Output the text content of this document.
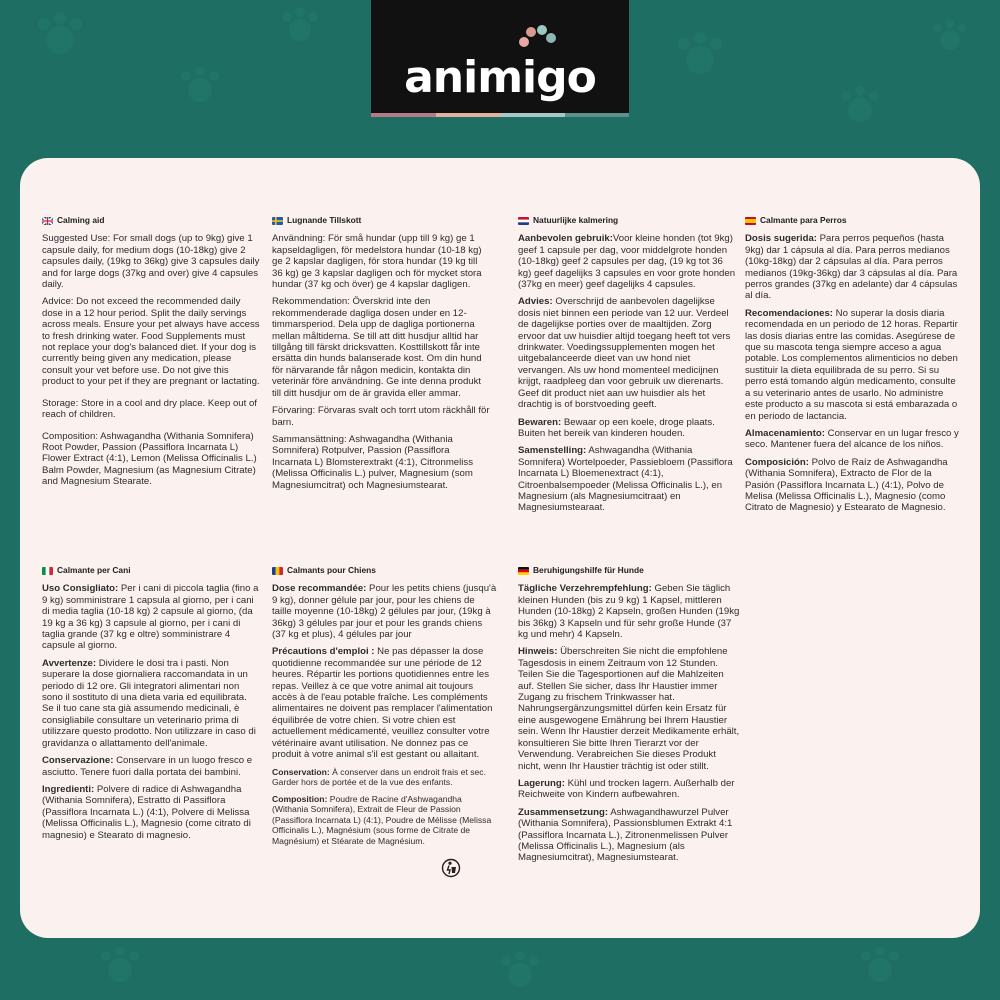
animigo
Calming aid

Suggested Use: For small dogs (up to 9kg) give 1 capsule daily, for medium dogs (10-18kg) give 2 capsules daily, (19kg to 36kg) give 3 capsules daily and for large dogs (37kg and over) give 4 capsules daily.

Advice: Do not exceed the recommended daily dose in a 12 hour period. Split the daily servings across meals. Ensure your pet always have access to fresh drinking water. Food Supplements must not replace your dog's balanced diet. If your dog is currently being given any medication, please consult your vet before use. Do not give this product to your pet if they are pregnant or lactating.

Storage: Store in a cool and dry place. Keep out of reach of children.

Composition: Ashwagandha (Withania Somnifera) Root Powder, Passion (Passiflora Incarnata L) Flower Extract (4:1), Lemon (Melissa Officinalis L.) Balm Powder, Magnesium (as Magnesium Citrate) and Magnesium Stearate.

Lugnande Tillskott

Användning: För små hundar (upp till 9 kg) ge 1 kapseldagligen, för medelstora hundar (10-18 kg) ge 2 kapslar dagligen, för stora hundar (19 kg till 36 kg) ge 3 kapslar dagligen och för mycket stora hundar (37 kg och över) ge 4 kapslar dagligen.

Rekommendation: Överskrid inte den rekommenderade dagliga dosen under en 12-timmarsperiod. Dela upp de dagliga portionerna mellan måltiderna. Se till att ditt husdjur alltid har tillgång till färskt dricksvatten. Kosttillskott får inte ersätta din hunds balanserade kost. Om din hund för närvarande får någon medicin, kontakta din veterinär före användning. Ge inte denna produkt till ditt husdjur om de är gravida eller ammar.

Förvaring: Förvaras svalt och torrt utom räckhåll för barn.

Sammansättning: Ashwagandha (Withania Somnifera) Rotpulver, Passion (Passiflora Incarnata L) Blomsterextrakt (4:1), Citronmeliss (Melissa Officinalis L.) pulver, Magnesium (som Magnesiumcitrat) och Magnesiumstearat.

Natuurlijke kalmering

Aanbevolen gebruik:Voor kleine honden (tot 9kg) geef 1 capsule per dag, voor middelgrote honden (10-18kg) geef 2 capsules per dag, (19 kg tot 36 kg) geef dagelijks 3 capsules en voor grote honden (37kg en meer) geef dagelijks 4 capsules.

Advies: Overschrijd de aanbevolen dagelijkse dosis niet binnen een periode van 12 uur. Verdeel de dagelijkse porties over de maaltijden. Zorg ervoor dat uw huisdier altijd toegang heeft tot vers drinkwater. Voedingssupplementen mogen het uitgebalanceerde dieet van uw hond niet vervangen. Als uw hond momenteel medicijnen krijgt, raadpleeg dan voor gebruik uw dierenarts. Geef dit product niet aan uw huisdier als het drachtig is of borstvoeding geeft.

Bewaren: Bewaar op een koele, droge plaats. Buiten het bereik van kinderen houden.

Samenstelling: Ashwagandha (Withania Somnifera) Wortelpoeder, Passiebloem (Passiflora Incarnata L) Bloemenextract (4:1), Citroenbalsempoeder (Melissa Officinalis L.), en Magnesium (als Magnesiumcitraat) en Magnesiumstearaat.

Calmante para Perros

Dosis sugerida: Para perros pequeños (hasta 9kg) dar 1 cápsula al día. Para perros medianos (10kg-18kg) dar 2 cápsulas al día. Para perros medianos (19kg-36kg) dar 3 cápsulas al día. Para perros grandes (37kg en adelante) dar 4 cápsulas al día.

Recomendaciones: No superar la dosis diaria recomendada en un periodo de 12 horas. Repartir las dosis diarias entre las comidas. Asegúrese de que su mascota tenga siempre acceso a agua potable. Los complementos alimenticios no deben sustituir la dieta equilibrada de su perro. Si su perro está tomando algún medicamento, consulte a su veterinario antes de usarlo. No administre este producto a su mascota si está embarazada o en periodo de lactancia.

Almacenamiento: Conservar en un lugar fresco y seco. Mantener fuera del alcance de los niños.

Composición: Polvo de Raíz de Ashwagandha (Withania Somnifera), Extracto de Flor de la Pasión (Passiflora Incarnata L.) (4:1), Polvo de Melisa (Melissa Officinalis L.), Magnesio (como Citrato de Magnesio) y Estearato de Magnesio.

Calmante per Cani

Uso Consigliato: Per i cani di piccola taglia (fino a 9 kg) somministrare 1 capsula al giorno, per i cani di media taglia (10-18 kg) 2 capsule al giorno, (da 19 kg a 36 kg) 3 capsule al giorno, per i cani di taglia grande (37 kg e oltre) somministrare 4 capsule al giorno.

Avvertenze: Dividere le dosi tra i pasti. Non superare la dose giornaliera raccomandata in un periodo di 12 ore. Gli integratori alimentari non sono il sostituto di una dieta varia ed equilibrata. Se il tuo cane sta già assumendo medicinali, è consigliabile consultare un veterinario prima di utilizzare questo prodotto. Non utilizzare in caso di gravidanza o allattamento dell'animale.

Conservazione: Conservare in un luogo fresco e asciutto. Tenere fuori dalla portata dei bambini.

Ingredienti: Polvere di radice di Ashwagandha (Withania Somnifera), Estratto di Passiflora (Passiflora Incarnata L.) (4:1), Polvere di Melissa (Melissa Officinalis L.), Magnesio (come citrato di magnesio) e Stearato di magnesio.

Calmants pour Chiens

Dose recommandée: Pour les petits chiens (jusqu'à 9 kg), donner gélule par jour, pour les chiens de taille moyenne (10-18kg) 2 gélules par jour, (19kg à 36kg) 3 gélules par jour et pour les grands chiens (37 kg et plus), 4 gélules par jour

Précautions d'emploi : Ne pas dépasser la dose quotidienne recommandée sur une période de 12 heures. Répartir les portions quotidiennes entre les repas. Veillez à ce que votre animal ait toujours accès à de l'eau potable fraîche. Les compléments alimentaires ne doivent pas remplacer l'alimentation équilibrée de votre chien. Si votre chien est actuellement médicamenté, veuillez consulter votre vétérinaire avant utilisation. Ne donnez pas ce produit à votre animal s'il est gestant ou allaitant.

Conservation: À conserver dans un endroit frais et sec. Garder hors de portée et de la vue des enfants.

Composition: Poudre de Racine d'Ashwagandha (Withania Somnifera), Extrait de Fleur de Passion (Passiflora Incarnata L) (4:1), Poudre de Mélisse (Melissa Officinalis L.), Magnésium (sous forme de Citrate de Magnésium) et Stéarate de Magnésium.

Beruhigungshilfe für Hunde

Tägliche Verzehrempfehlung: Geben Sie täglich kleinen Hunden (bis zu 9 kg) 1 Kapsel, mittleren Hunden (10-18kg) 2 Kapseln, großen Hunden (19kg bis 36kg) 3 Kapseln und für sehr große Hunde (37 kg und mehr) 4 Kapseln.

Hinweis: Überschreiten Sie nicht die empfohlene Tagesdosis in einem Zeitraum von 12 Stunden. Teilen Sie die Tagesportionen auf die Mahlzeiten auf. Stellen Sie sicher, dass Ihr Haustier immer Zugang zu frischem Trinkwasser hat. Nahrungsergänzungsmittel dürfen kein Ersatz für eine ausgewogene Ernährung bei Ihrem Haustier sein. Wenn Ihr Haustier derzeit Medikamente erhält, konsultieren Sie bitte Ihren Tierarzt vor der Verwendung. Verabreichen Sie dieses Produkt nicht, wenn Ihr Haustier trächtig ist oder stillt.

Lagerung: Kühl und trocken lagern. Außerhalb der Reichweite von Kindern aufbewahren.

Zusammensetzung: Ashwagandhawurzel Pulver (Withania Somnifera), Passionsblumen Extrakt 4:1 (Passiflora Incarnata L.), Zitronenmelissen Pulver (Melissa Officinalis L.), Magnesium (als Magnesiumcitrat), Magnesiumstearat.
